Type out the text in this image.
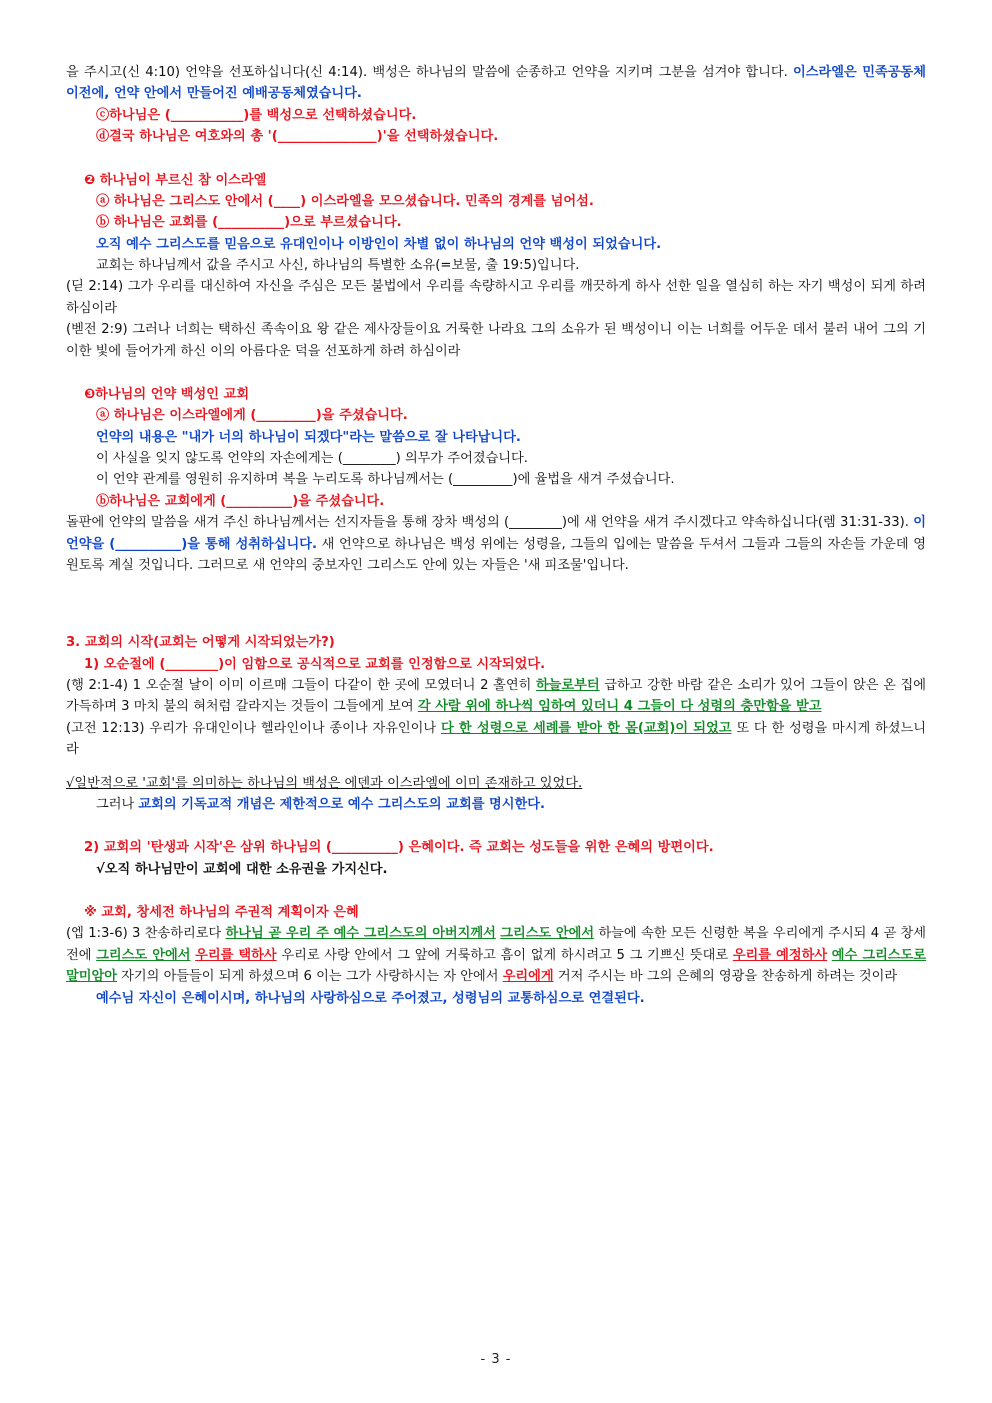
을 주시고(신 4:10) 언약을 선포하십니다(신 4:14). 백성은 하나님의 말씀에 순종하고 언약을 지키며 그분을 섬겨야 합니다. 이스라엘은 민족공동체 이전에, 언약 안에서 만들어진 예배공동체였습니다.

ⓒ하나님은 (___________)를 백성으로 선택하셨습니다.

ⓓ결국 하나님은 여호와의 총 '(_______________)'을 선택하셨습니다.

❷ 하나님이 부르신 참 이스라엘

ⓐ 하나님은 그리스도 안에서 (____) 이스라엘을 모으셨습니다. 민족의 경계를 넘어섬.

ⓑ 하나님은 교회를 (__________)으로 부르셨습니다.

오직 예수 그리스도를 믿음으로 유대인이나 이방인이 차별 없이 하나님의 언약 백성이 되었습니다.

교회는 하나님께서 값을 주시고 사신, 하나님의 특별한 소유(=보물, 출 19:5)입니다.

(딛 2:14) 그가 우리를 대신하여 자신을 주심은 모든 불법에서 우리를 속량하시고 우리를 깨끗하게 하사 선한 일을 열심히 하는 자기 백성이 되게 하려 하심이라

(벧전 2:9) 그러나 너희는 택하신 족속이요 왕 같은 제사장들이요 거룩한 나라요 그의 소유가 된 백성이니 이는 너희를 어두운 데서 불러 내어 그의 기이한 빛에 들어가게 하신 이의 아름다운 덕을 선포하게 하려 하심이라

❸하나님의 언약 백성인 교회

ⓐ 하나님은 이스라엘에게 (_________)을 주셨습니다.

언약의 내용은 "내가 너의 하나님이 되겠다"라는 말씀으로 잘 나타납니다.

이 사실을 잊지 않도록 언약의 자손에게는 (________) 의무가 주어졌습니다.

이 언약 관계를 영원히 유지하며 복을 누리도록 하나님께서는 (_________)에 율법을 새겨 주셨습니다.

ⓑ하나님은 교회에게 (__________)을 주셨습니다.

돌판에 언약의 말씀을 새겨 주신 하나님께서는 선지자들을 통해 장차 백성의 (________)에 새 언약을 새겨 주시겠다고 약속하십니다(렘 31:31-33). 이 언약을 (__________)을 통해 성취하십니다. 새 언약으로 하나님은 백성 위에는 성령을, 그들의 입에는 말씀을 두셔서 그들과 그들의 자손들 가운데 영원토록 계실 것입니다. 그러므로 새 언약의 중보자인 그리스도 안에 있는 자들은 '새 피조물'입니다.

3. 교회의 시작(교회는 어떻게 시작되었는가?)

1) 오순절에 (________)이 임함으로 공식적으로 교회를 인정함으로 시작되었다.

(행 2:1-4) 1 오순절 날이 이미 이르매 그들이 다같이 한 곳에 모였더니 2 홀연히 하늘로부터 급하고 강한 바람 같은 소리가 있어 그들이 앉은 온 집에 가득하며 3 마치 불의 혀처럼 갈라지는 것들이 그들에게 보여 각 사람 위에 하나씩 임하여 있더니 4 그들이 다 성령의 충만함을 받고

(고전 12:13) 우리가 유대인이나 헬라인이나 종이나 자유인이나 다 한 성령으로 세례를 받아 한 몸(교회)이 되었고 또 다 한 성령을 마시게 하셨느니라

√일반적으로 '교회'를 의미하는 하나님의 백성은 에덴과 이스라엘에 이미 존재하고 있었다.

그러나 교회의 기독교적 개념은 제한적으로 예수 그리스도의 교회를 명시한다.

2) 교회의 '탄생과 시작'은 삼위 하나님의 (__________) 은혜이다. 즉 교회는 성도들을 위한 은혜의 방편이다.

√오직 하나님만이 교회에 대한 소유권을 가지신다.

※ 교회, 창세전 하나님의 주권적 계획이자 은혜

(엡 1:3-6) 3 찬송하리로다 하나님 곧 우리 주 예수 그리스도의 아버지께서 그리스도 안에서 하늘에 속한 모든 신령한 복을 우리에게 주시되 4 곧 창세 전에 그리스도 안에서 우리를 택하사 우리로 사랑 안에서 그 앞에 거룩하고 흠이 없게 하시려고 5 그 기쁘신 뜻대로 우리를 예정하사 예수 그리스도로 말미암아 자기의 아들들이 되게 하셨으며 6 이는 그가 사랑하시는 자 안에서 우리에게 거저 주시는 바 그의 은혜의 영광을 찬송하게 하려는 것이라

예수님 자신이 은혜이시며, 하나님의 사랑하심으로 주어졌고, 성령님의 교통하심으로 연결된다.

- 3 -
